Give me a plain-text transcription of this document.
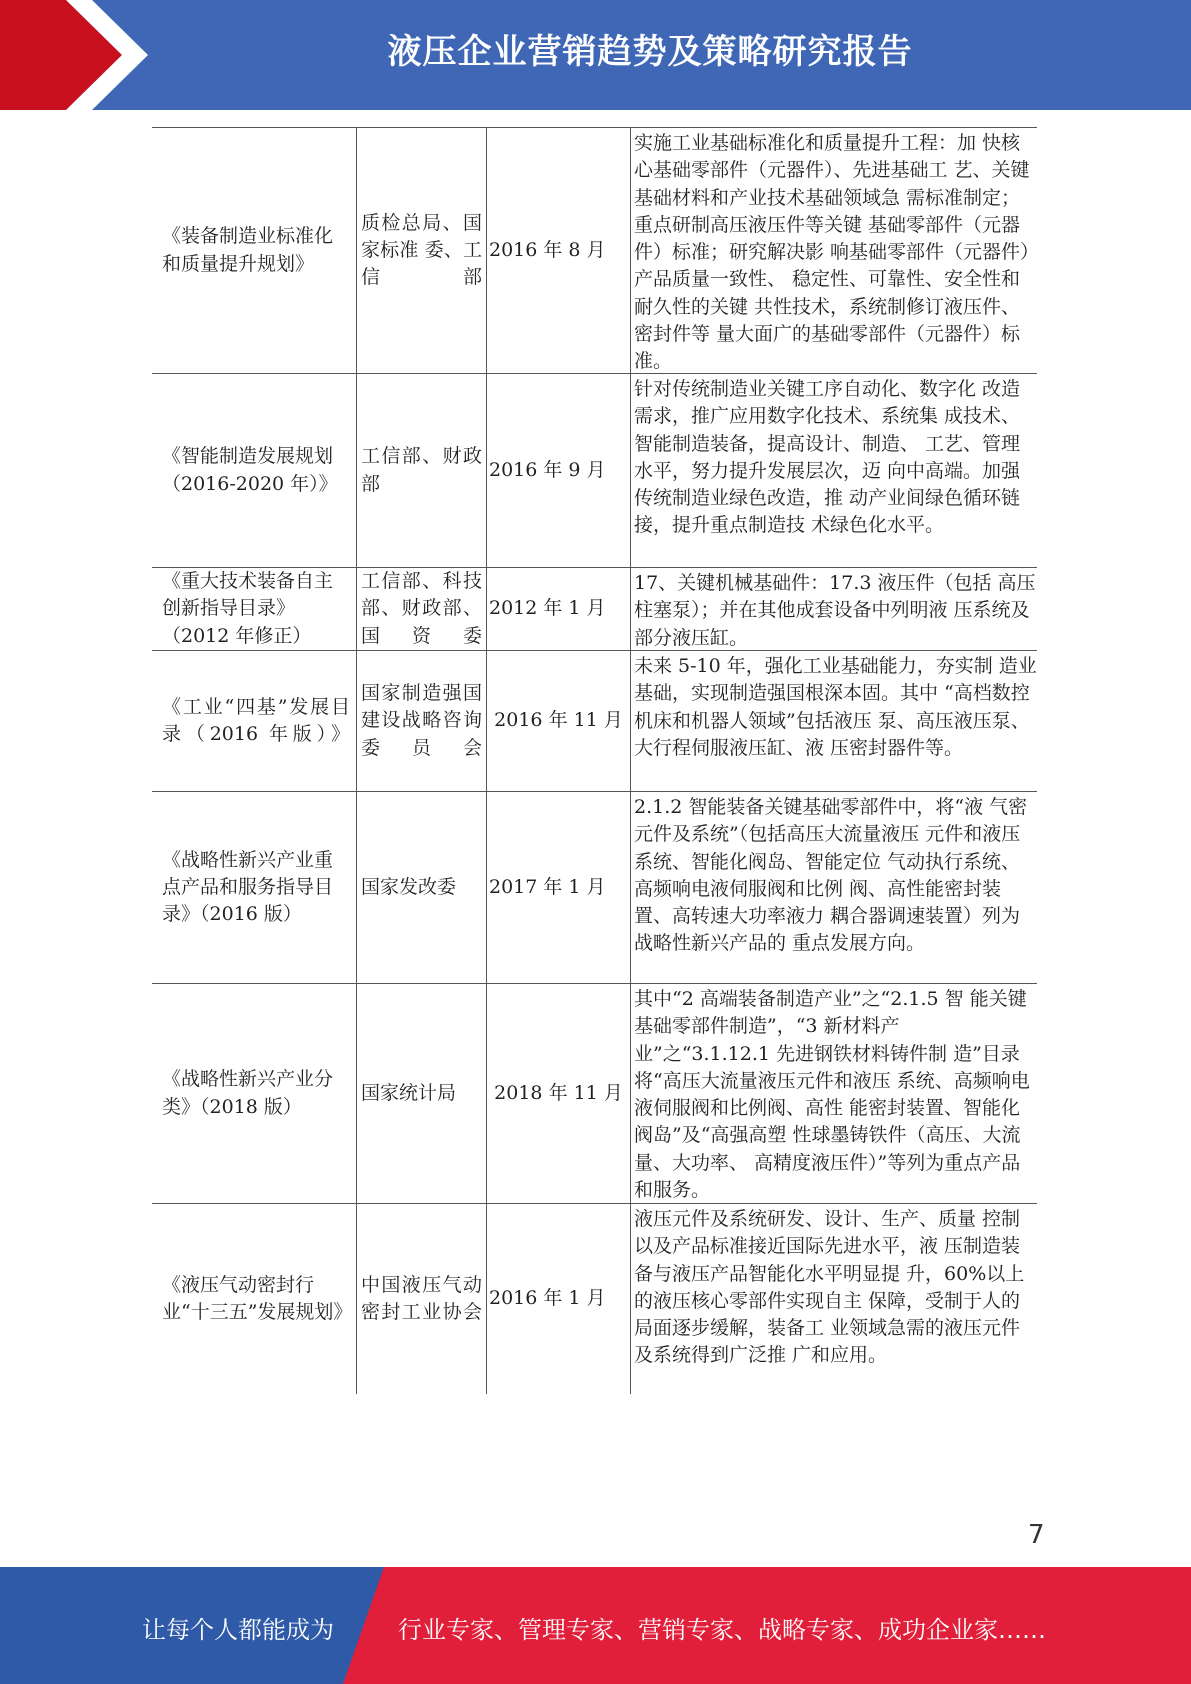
液压企业营销趋势及策略研究报告
《装备制造业标准化和质量提升规划》
质检总局、国家标准 委、工信部
2016 年 8 月
实施工业基础标准化和质量提升工程：加 快核心基础零部件（元器件）、先进基础工 艺、关键基础材料和产业技术基础领域急 需标准制定；重点研制高压液压件等关键 基础零部件（元器件）标准；研究解决影 响基础零部件（元器件）产品质量一致性、 稳定性、可靠性、安全性和耐久性的关键 共性技术，系统制修订液压件、密封件等 量大面广的基础零部件（元器件）标准。
《智能制造发展规划（2016-2020 年）》
工信部、财政部
2016 年 9 月
针对传统制造业关键工序自动化、数字化 改造需求，推广应用数字化技术、系统集 成技术、智能制造装备，提高设计、制造、 工艺、管理水平，努力提升发展层次，迈 向中高端。加强传统制造业绿色改造，推 动产业间绿色循环链接，提升重点制造技 术绿色化水平。
《重大技术装备自主创新指导目录》（2012 年修正）
工信部、科技部、财政部、国资委
2012 年 1 月
17、关键机械基础件：17.3 液压件（包括 高压柱塞泵）；并在其他成套设备中列明液 压系统及部分液压缸。
《工业“四基”发展目录（2016 年版）》
国家制造强国建设战略咨询委员会
2016 年 11 月
未来 5-10 年，强化工业基础能力，夯实制 造业基础，实现制造强国根深本固。其中 “高档数控机床和机器人领域”包括液压 泵、高压液压泵、大行程伺服液压缸、液 压密封器件等。
《战略性新兴产业重点产品和服务指导目录》（2016 版）
国家发改委 2017 年 1 月
2.1.2 智能装备关键基础零部件中，将“液 气密元件及系统”（包括高压大流量液压 元件和液压系统、智能化阀岛、智能定位 气动执行系统、高频响电液伺服阀和比例 阀、高性能密封装置、高转速大功率液力 耦合器调速装置）列为战略性新兴产品的 重点发展方向。
《战略性新兴产业分类》（2018 版）
国家统计局 2018 年 11 月
其中“2 高端装备制造产业”之“2.1.5 智 能关键基础零部件制造”，“3 新材料产 业”之“3.1.12.1 先进钢铁材料铸件制 造”目录将“高压大流量液压元件和液压 系统、高频响电液伺服阀和比例阀、高性 能密封装置、智能化阀岛”及“高强高塑 性球墨铸铁件（高压、大流量、大功率、 高精度液压件）”等列为重点产品和服务。
《液压气动密封行业“十三五”发展规划》
中国液压气动密封工业协会
2016 年 1 月
液压元件及系统研发、设计、生产、质量 控制以及产品标准接近国际先进水平，液 压制造装备与液压产品智能化水平明显提 升，60%以上的液压核心零部件实现自主 保障，受制于人的局面逐步缓解，装备工 业领域急需的液压元件及系统得到广泛推 广和应用。
7
让每个人都能成为	行业专家、管理专家、营销专家、战略专家、成功企业家……
